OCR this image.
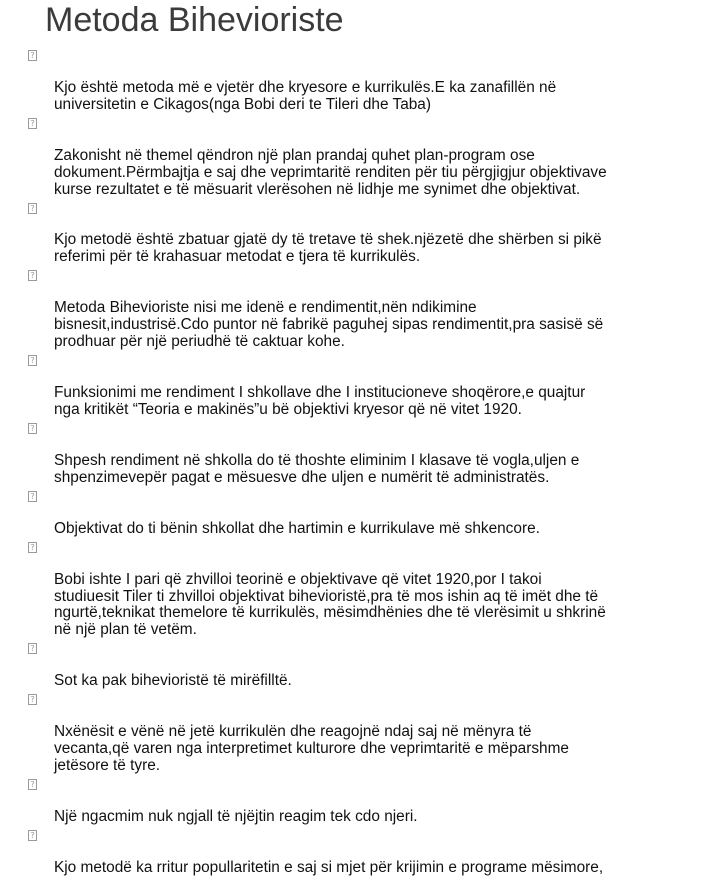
Metoda Bihevioriste

?

Kjo është metoda më e vjetër dhe kryesore e kurrikulës.E ka zanafillën në
universitetin e Cikagos(nga Bobi deri te Tileri dhe Taba)

?

Zakonisht në themel qëndron një plan prandaj quhet plan-program ose
dokument.Përmbajtja e saj dhe veprimtaritë renditen për tiu përgjigjur objektivave
kurse rezultatet e të mësuarit vlerësohen në lidhje me synimet dhe objektivat.

?

Kjo metodë është zbatuar gjatë dy të tretave të shek.njëzetë dhe shërben si pikë
referimi për të krahasuar metodat e tjera të kurrikulës.

?

Metoda Bihevioriste nisi me idenë e rendimentit,nën ndikimine
bisnesit,industrisë.Cdo puntor në fabrikë paguhej sipas rendimentit,pra sasisë së
prodhuar për një periudhë të caktuar kohe.

?

Funksionimi me rendiment I shkollave dhe I institucioneve shoqërore,e quajtur
nga kritikët “Teoria e makinës”u bë objektivi kryesor që në vitet 1920.

?

Shpesh rendiment në shkolla do të thoshte eliminim I klasave të vogla,uljen e
shpenzimevepër pagat e mësuesve dhe uljen e numërit të administratës.

?

Objektivat do ti bënin shkollat dhe hartimin e kurrikulave më shkencore.

?

Bobi ishte I pari që zhvilloi teorinë e objektivave që vitet 1920,por I takoi
studiuesit Tiler ti zhvilloi objektivat bihevioristë,pra të mos ishin aq të imët dhe të
ngurtë,teknikat themelore të kurrikulës, mësimdhënies dhe të vlerësimit u shkrinë
në një plan të vetëm.

?

Sot ka pak bihevioristë të mirëfilltë.

?

Nxënësit e vënë në jetë kurrikulën dhe reagojnë ndaj saj në mënyra të
vecanta,që varen nga interpretimet kulturore dhe veprimtaritë e mëparshme
jetësore të tyre.

?

Një ngacmim nuk ngjall të njëjtin reagim tek cdo njeri.

?

Kjo metodë ka rritur popullaritetin e saj si mjet për krijimin e programe mësimore,
